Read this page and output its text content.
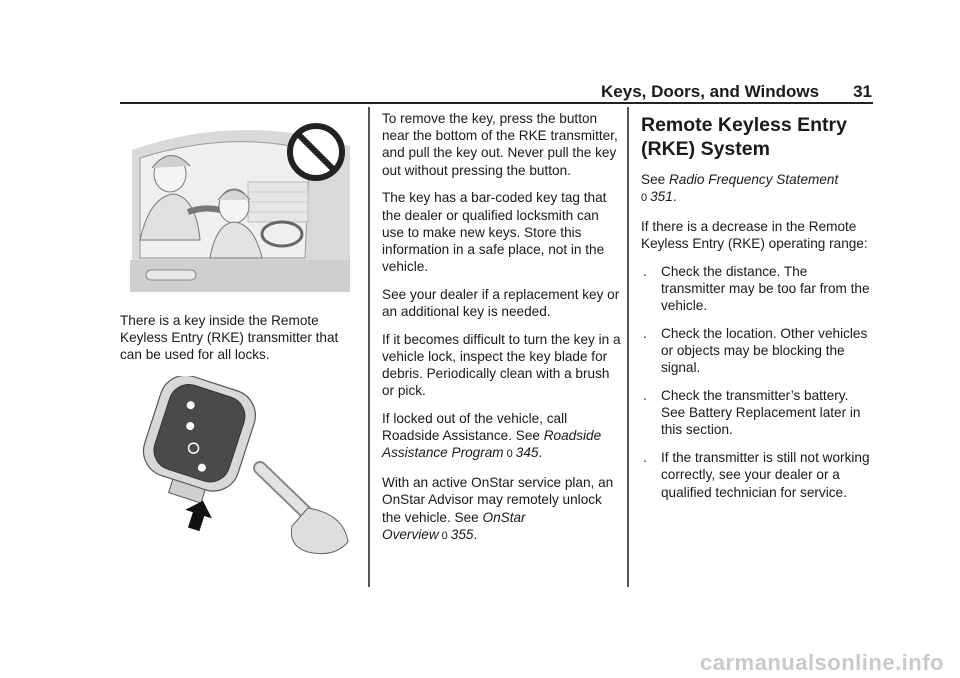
Keys, Doors, and Windows 31

There is a key inside the Remote Keyless Entry (RKE) transmitter that can be used for all locks.

To remove the key, press the button near the bottom of the RKE transmitter, and pull the key out. Never pull the key out without pressing the button.

The key has a bar-coded key tag that the dealer or qualified locksmith can use to make new keys. Store this information in a safe place, not in the vehicle.

See your dealer if a replacement key or an additional key is needed.

If it becomes difficult to turn the key in a vehicle lock, inspect the key blade for debris. Periodically clean with a brush or pick.

If locked out of the vehicle, call Roadside Assistance. See Roadside Assistance Program 0 345.

With an active OnStar service plan, an OnStar Advisor may remotely unlock the vehicle. See OnStar Overview 0 355.

Remote Keyless Entry (RKE) System

See Radio Frequency Statement
0 351.

If there is a decrease in the Remote Keyless Entry (RKE) operating range:

. Check the distance. The transmitter may be too far from the vehicle.
. Check the location. Other vehicles or objects may be blocking the signal.
. Check the transmitter’s battery. See Battery Replacement later in this section.
. If the transmitter is still not working correctly, see your dealer or a qualified technician for service.
carmanualsonline.info
